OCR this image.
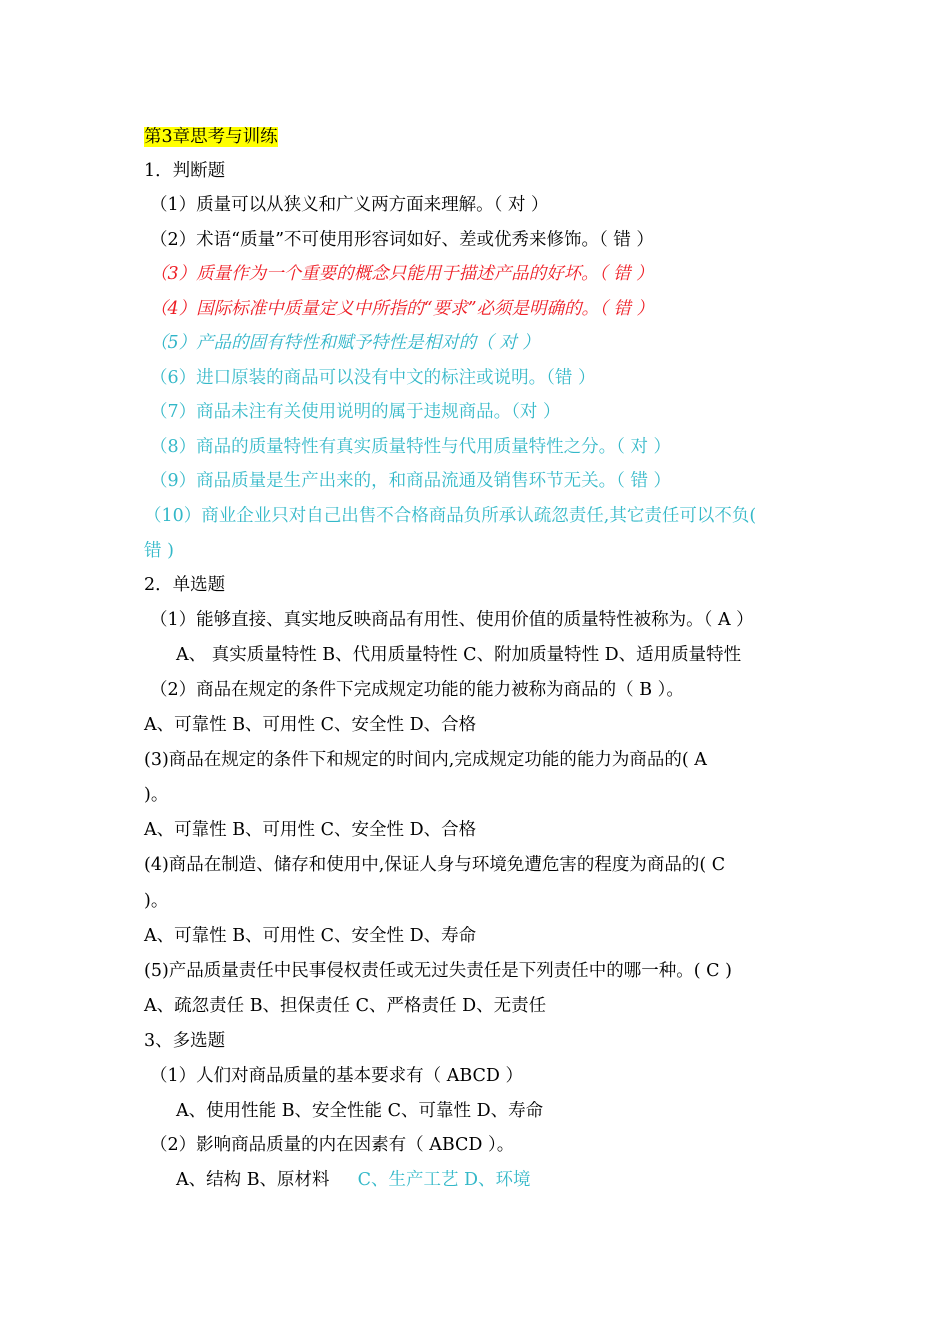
第3章思考与训练
1．判断题
（1）质量可以从狭义和广义两方面来理解。（ 对 ）
（2）术语“质量”不可使用形容词如好、差或优秀来修饰。（ 错 ）
（3）质量作为一个重要的概念只能用于描述产品的好坏。（ 错 ）
（4）国际标准中质量定义中所指的“要求”必须是明确的。（ 错 ）
（5）产品的固有特性和赋予特性是相对的（ 对 ）
（6）进口原装的商品可以没有中文的标注或说明。（错 ）
（7）商品未注有关使用说明的属于违规商品。（对 ）
（8）商品的质量特性有真实质量特性与代用质量特性之分。（ 对 ）
（9）商品质量是生产出来的，和商品流通及销售环节无关。（ 错 ）
（10）商业企业只对自己出售不合格商品负所承认疏忽责任,其它责任可以不负(
错 )
2．单选题
（1）能够直接、真实地反映商品有用性、使用价值的质量特性被称为。（ A ）
A、 真实质量特性 B、代用质量特性 C、附加质量特性 D、适用质量特性
（2）商品在规定的条件下完成规定功能的能力被称为商品的（ B ）。
A、可靠性 B、可用性 C、安全性 D、合格
(3)商品在规定的条件下和规定的时间内,完成规定功能的能力为商品的( A
)。
A、可靠性 B、可用性 C、安全性 D、合格
(4)商品在制造、储存和使用中,保证人身与环境免遭危害的程度为商品的( C
)。
A、可靠性 B、可用性 C、安全性 D、寿命
(5)产品质量责任中民事侵权责任或无过失责任是下列责任中的哪一种。( C )
A、疏忽责任 B、担保责任 C、严格责任 D、无责任
3、多选题
（1）人们对商品质量的基本要求有（ ABCD ）
A、使用性能 B、安全性能 C、可靠性 D、寿命
（2）影响商品质量的内在因素有（ ABCD ）。
A、结构 B、原材料 C、生产工艺 D、环境
